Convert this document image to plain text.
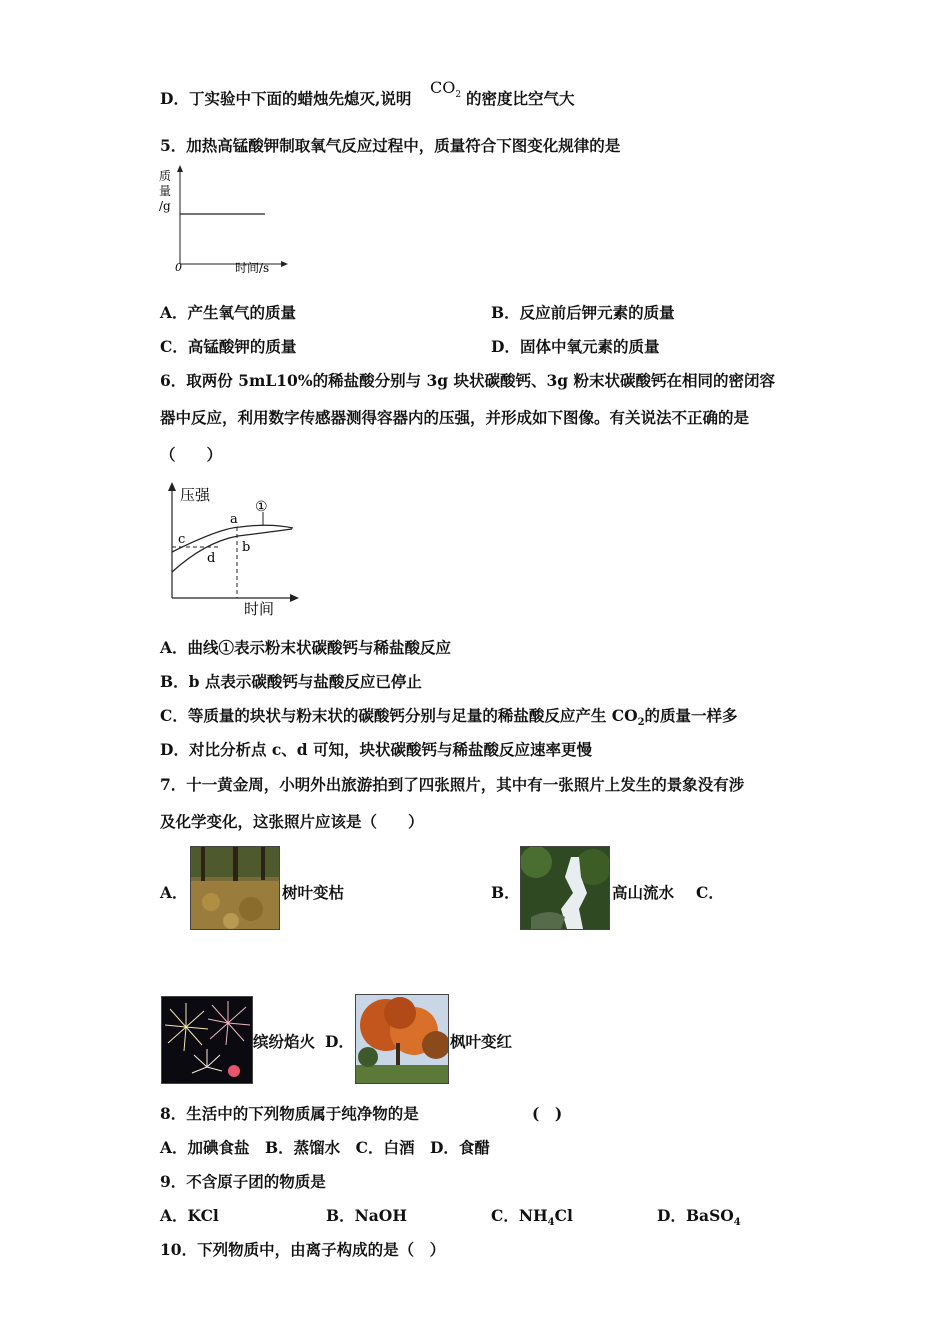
D．丁实验中下面的蜡烛先熄灭,说明
$CO_2$ 的密度比空气大
5．加热高锰酸钾制取氧气反应过程中，质量符合下图变化规律的是
质
量
/g
0	时间/s
A．产生氧气的质量	B．反应前后钾元素的质量
C．高锰酸钾的质量	D．固体中氧元素的质量
6．取两份 5mL10%的稀盐酸分别与 3g 块状碳酸钙、3g 粉末状碳酸钙在相同的密闭容
器中反应，利用数字传感器测得容器内的压强，并形成如下图像。有关说法不正确的是
（　　）
压强
时间
①
a
b
c
d
A．曲线①表示粉末状碳酸钙与稀盐酸反应
B．b 点表示碳酸钙与盐酸反应已停止
C．等质量的块状与粉末状的碳酸钙分别与足量的稀盐酸反应产生 $CO_2$的质量一样多
D．对比分析点 c、d 可知，块状碳酸钙与稀盐酸反应速率更慢
7．十一黄金周，小明外出旅游拍到了四张照片，其中有一张照片上发生的景象没有涉
及化学变化，这张照片应该是（　　）
A．	树叶变枯	B．	高山流水 C．
缤纷焰火 D．	枫叶变红
8．生活中的下列物质属于纯净物的是	(　)
A．加碘食盐　B．蒸馏水　C．白酒　D．食醋
9．不含原子团的物质是
A．KCl	B．NaOH	C．$NH_4Cl$	D．BaSO$_4$
10．下列物质中，由离子构成的是（　）
